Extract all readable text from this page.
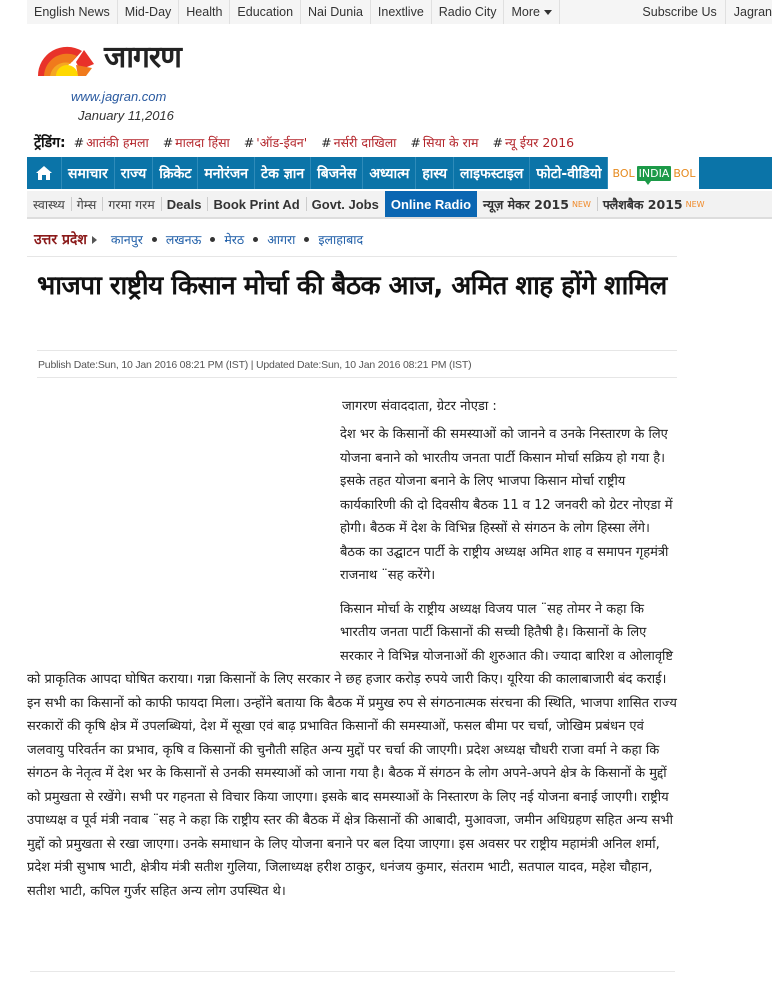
English News	Mid-Day	Health	Education	Nai Dunia	Inextlive	Radio City	More	Subscribe Us	Jagran
जागरण
www.jagran.com
January 11,2016
ट्रेंडिंग: # आतंकी हमला # मालदा हिंसा # 'ऑड-ईवन' # नर्सरी दाखिला # सिया के राम # न्यू ईयर 2016
समाचार राज्य क्रिकेट मनोरंजन टेक ज्ञान बिजनेस अध्यात्म हास्य लाइफस्टाइल फोटो-वीडियो	BOL INDIA BOL
स्वास्थ्य गेम्स गरमा गरम Deals Book Print Ad Govt. Jobs Online Radio न्यूज़ मेकर 2015 NEW फ्लैशबैक 2015 NEW
उत्तर प्रदेश कानपुर लखनऊ मेरठ आगरा इलाहाबाद
भाजपा राष्ट्रीय किसान मोर्चा की बैठक आज, अमित शाह होंगे शामिल
Publish Date:Sun, 10 Jan 2016 08:21 PM (IST) | Updated Date:Sun, 10 Jan 2016 08:21 PM (IST)
जागरण संवाददाता, ग्रेटर नोएडा :

देश भर के किसानों की समस्याओं को जानने व उनके निस्तारण के लिए योजना बनाने को भारतीय जनता पार्टी किसान मोर्चा सक्रिय हो गया है। इसके तहत योजना बनाने के लिए भाजपा किसान मोर्चा राष्ट्रीय कार्यकारिणी की दो दिवसीय बैठक 11 व 12 जनवरी को ग्रेटर नोएडा में होगी। बैठक में देश के विभिन्न हिस्सों से संगठन के लोग हिस्सा लेंगे। बैठक का उद्घाटन पार्टी के राष्ट्रीय अध्यक्ष अमित शाह व समापन गृहमंत्री राजनाथ ¨सह करेंगे।

किसान मोर्चा के राष्ट्रीय अध्यक्ष विजय पाल ¨सह तोमर ने कहा कि भारतीय जनता पार्टी किसानों की सच्ची हितैषी है। किसानों के लिए सरकार ने विभिन्न योजनाओं की शुरुआत की। ज्यादा बारिश व ओलावृष्टि को प्राकृतिक आपदा घोषित कराया। गन्ना किसानों के लिए सरकार ने छह हजार करोड़ रुपये जारी किए। यूरिया की कालाबाजारी बंद कराई। इन सभी का किसानों को काफी फायदा मिला। उन्होंने बताया कि बैठक में प्रमुख रुप से संगठनात्मक संरचना की स्थिति, भाजपा शासित राज्य सरकारों की कृषि क्षेत्र में उपलब्धियां, देश में सूखा एवं बाढ़ प्रभावित किसानों की समस्याओं, फसल बीमा पर चर्चा, जोखिम प्रबंधन एवं जलवायु परिवर्तन का प्रभाव, कृषि व किसानों की चुनौती सहित अन्य मुद्दों पर चर्चा की जाएगी। प्रदेश अध्यक्ष चौधरी राजा वर्मा ने कहा कि संगठन के नेतृत्व में देश भर के किसानों से उनकी समस्याओं को जाना गया है। बैठक में संगठन के लोग अपने-अपने क्षेत्र के किसानों के मुद्दों को प्रमुखता से रखेंगे। सभी पर गहनता से विचार किया जाएगा। इसके बाद समस्याओं के निस्तारण के लिए नई योजना बनाई जाएगी। राष्ट्रीय उपाध्यक्ष व पूर्व मंत्री नवाब ¨सह ने कहा कि राष्ट्रीय स्तर की बैठक में क्षेत्र किसानों की आबादी, मुआवजा, जमीन अधिग्रहण सहित अन्य सभी मुद्दों को प्रमुखता से रखा जाएगा। उनके समाधान के लिए योजना बनाने पर बल दिया जाएगा। इस अवसर पर राष्ट्रीय महामंत्री अनिल शर्मा, प्रदेश मंत्री सुभाष भाटी, क्षेत्रीय मंत्री सतीश गुलिया, जिलाध्यक्ष हरीश ठाकुर, धनंजय कुमार, संतराम भाटी, सतपाल यादव, महेश चौहान, सतीश भाटी, कपिल गुर्जर सहित अन्य लोग उपस्थित थे।
